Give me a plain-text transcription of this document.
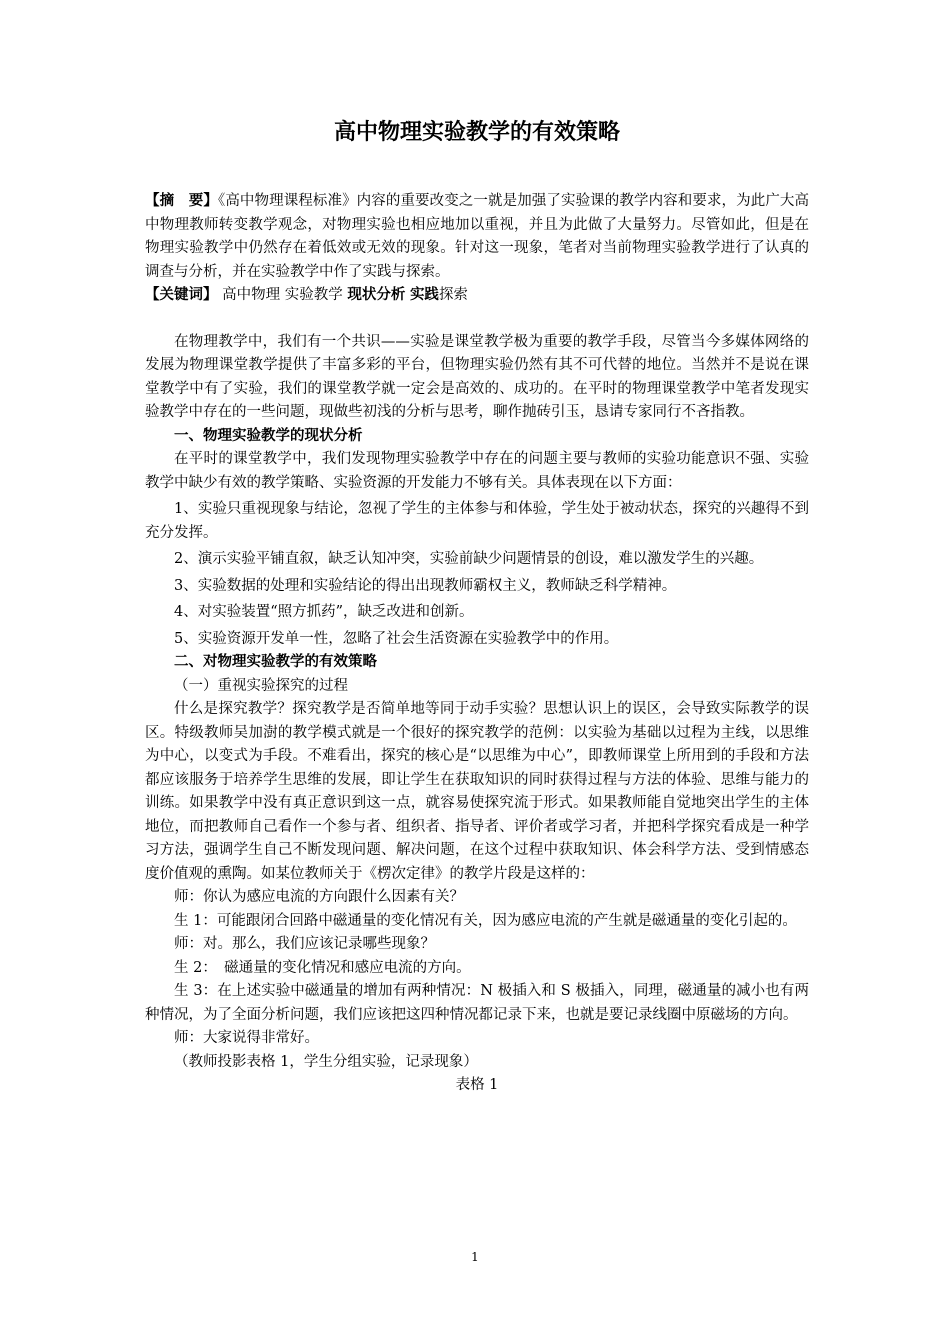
高中物理实验教学的有效策略

【摘　要】《高中物理课程标准》内容的重要改变之一就是加强了实验课的教学内容和要求，为此广大高中物理教师转变教学观念，对物理实验也相应地加以重视，并且为此做了大量努力。尽管如此，但是在物理实验教学中仍然存在着低效或无效的现象。针对这一现象，笔者对当前物理实验教学进行了认真的调查与分析，并在实验教学中作了实践与探索。

【关键词】 高中物理 实验教学 现状分析 实践探索

在物理教学中，我们有一个共识——实验是课堂教学极为重要的教学手段，尽管当今多媒体网络的发展为物理课堂教学提供了丰富多彩的平台，但物理实验仍然有其不可代替的地位。当然并不是说在课堂教学中有了实验，我们的课堂教学就一定会是高效的、成功的。在平时的物理课堂教学中笔者发现实验教学中存在的一些问题，现做些初浅的分析与思考，聊作抛砖引玉，恳请专家同行不吝指教。

一、物理实验教学的现状分析

在平时的课堂教学中，我们发现物理实验教学中存在的问题主要与教师的实验功能意识不强、实验教学中缺少有效的教学策略、实验资源的开发能力不够有关。具体表现在以下方面：

1、实验只重视现象与结论，忽视了学生的主体参与和体验，学生处于被动状态，探究的兴趣得不到充分发挥。

2、演示实验平铺直叙，缺乏认知冲突，实验前缺少问题情景的创设，难以激发学生的兴趣。

3、实验数据的处理和实验结论的得出出现教师霸权主义，教师缺乏科学精神。

4、对实验装置“照方抓药”，缺乏改进和创新。

5、实验资源开发单一性，忽略了社会生活资源在实验教学中的作用。

二、对物理实验教学的有效策略

（一）重视实验探究的过程

什么是探究教学？探究教学是否简单地等同于动手实验？思想认识上的误区，会导致实际教学的误区。特级教师吴加澍的教学模式就是一个很好的探究教学的范例：以实验为基础以过程为主线，以思维为中心，以变式为手段。不难看出，探究的核心是“以思维为中心”，即教师课堂上所用到的手段和方法都应该服务于培养学生思维的发展，即让学生在获取知识的同时获得过程与方法的体验、思维与能力的训练。如果教学中没有真正意识到这一点，就容易使探究流于形式。如果教师能自觉地突出学生的主体地位，而把教师自己看作一个参与者、组织者、指导者、评价者或学习者，并把科学探究看成是一种学习方法，强调学生自己不断发现问题、解决问题，在这个过程中获取知识、体会科学方法、受到情感态度价值观的熏陶。如某位教师关于《楞次定律》的教学片段是这样的：

师：你认为感应电流的方向跟什么因素有关？

生 1：可能跟闭合回路中磁通量的变化情况有关，因为感应电流的产生就是磁通量的变化引起的。

师：对。那么，我们应该记录哪些现象？

生 2：　磁通量的变化情况和感应电流的方向。

生 3：在上述实验中磁通量的增加有两种情况：N 极插入和 S 极插入，同理，磁通量的减小也有两种情况，为了全面分析问题，我们应该把这四种情况都记录下来，也就是要记录线圈中原磁场的方向。

师：大家说得非常好。

（教师投影表格 1，学生分组实验，记录现象）

表格 1

1
